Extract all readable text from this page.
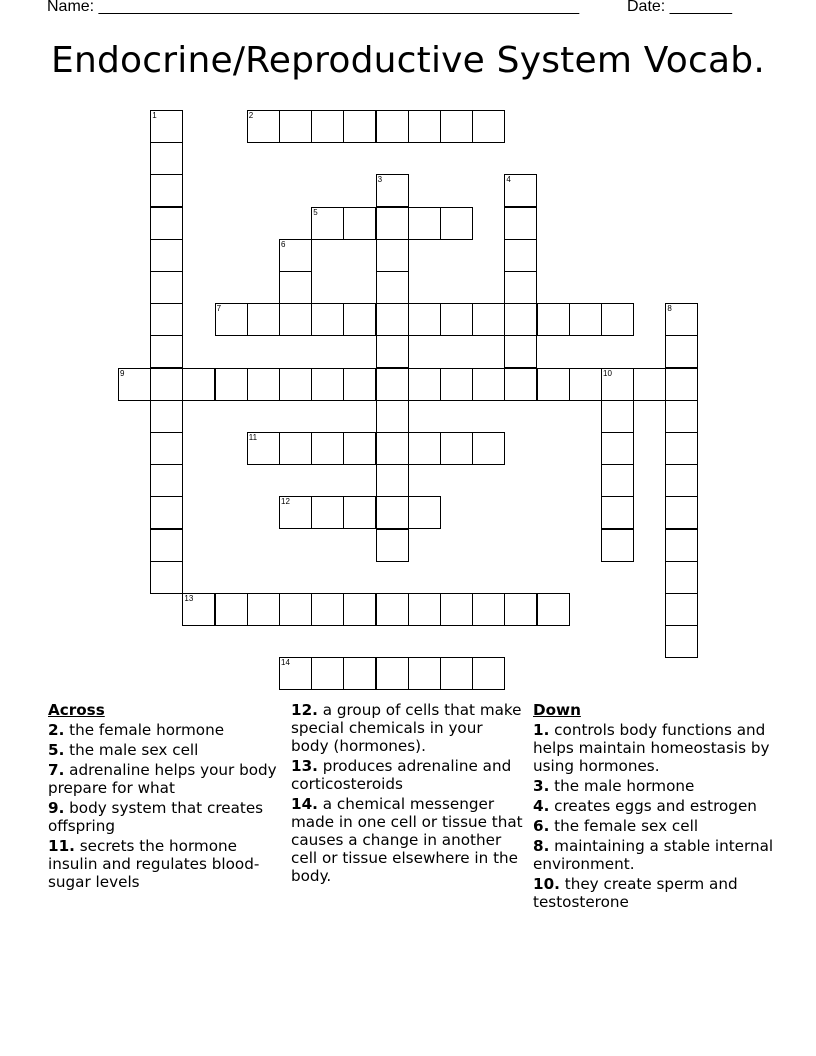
Name: ______________________________________________________	Date: _______
Endocrine/Reproductive System Vocab.
1	2
3	4
5
6
7	8
9	10
11
12
13
14
Across
2. the female hormone
5. the male sex cell
7. adrenaline helps your body prepare for what
9. body system that creates offspring
11. secrets the hormone insulin and regulates blood-sugar levels
12. a group of cells that make special chemicals in your body (hormones).
13. produces adrenaline and corticosteroids
14. a chemical messenger made in one cell or tissue that causes a change in another cell or tissue elsewhere in the body.
Down
1. controls body functions and helps maintain homeostasis by using hormones.
3. the male hormone
4. creates eggs and estrogen
6. the female sex cell
8. maintaining a stable internal environment.
10. they create sperm and testosterone
